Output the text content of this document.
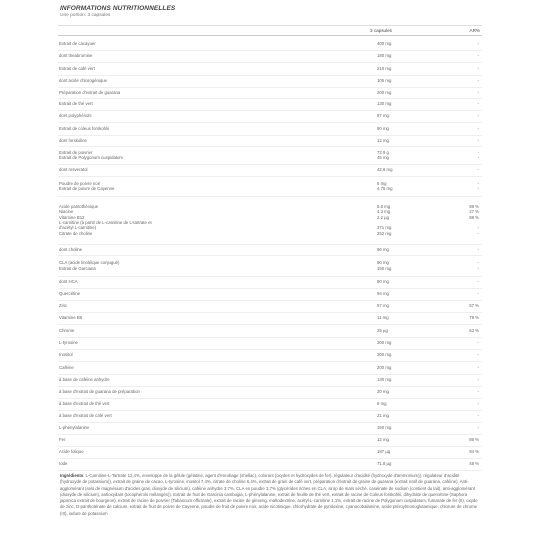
INFORMATIONS NUTRITIONNELLES
Une portion: 3 capsules
3 capsules	AR%
Extrait de cacayoer	400 mg	-
dont theabromine	180 mg	-
Extrait de café vert	210 mg	-
dont acide chlorogénique	105 mg	-
Préparation d'extrait de guarana	200 mg	-
Extrait de thé vert	130 mg	-
dont polyphénols	97 mg	-
Extrait de coleus forskohlii	90 mg	-
dont forskoline	12 mg	-
Extrait de poivrier	72.9 g	-
Extrait de Polygonum cuspidatum	45 mg	-
dont resveratol	42.8 mg	-
Poudre de poivre noir	5 mg	-
Extrait de poivre de Cayenne	4.75 mg	-
Acide pantothénique	5.5 mg	88 %
Niacine	4.3 mg	27 %
Vitamine B12	2.2 µg	88 %
L-carnitine (à partir de L-carnitine de L-tartrate et
d'acétyl L-carnitine)	371 mg	-
Citrate de choline	252 mg	-
dont choline	96 mg	-
CLA (acide linoléique conjugué)	90 mg	-
Extrait de Garciana	150 mg	-
dont HCA	90 mg	-
Quercétine	94 mg	-
Zinc	57 mg	57 %
Vitamine B6	11 mg	79 %
Chrome	25 µg	63 %
L-tyrosine	300 mg	-
Inositol	300 mg	-
Caféine	200 mg	-
à base de caféine anhydre	130 mg	-
à base d'extrait de guarana de préparation	20 mg	-
à base d'extrait de thé vert	9 mg	-
à base d'extrait de café vert	21 mg	-
L-phénylalanine	150 mg	-
Fer	12 mg	86 %
Acide folique	187 µg	94 %
Iode	71.8 µg	48 %
Ingrédients: L-Carnitine-L-Tartrate 12,4%, enveloppe de la gélule (gélatine, agent d'enrobage (shellac), colorant (oxydes et hydroxydes de fer), régulateur d'acidité (hydroxyde d'ammonium)), régulateur d'acidité (hydroxyde de potassium)), extrait de graine de cacao, L-tyrosine, inositol 7,4%, citrate de choline 6,4%, extrait de grain de café vert, préparation d'extrait de graine de guarana (extrait natif de guarana, caféine), Anti-agglomérant (sels de magnésium d'acides gras, dioxyde de silicium), caféine anhydre 3,7%, CLA en poudre 3,7% (glycérides riches en CLA, sirop de maïs séché, caséinate de sodium (contient du lait), anti-agglomérant (dioxyde de silicium), antioxydant (tocophérols mélangés)), Extrait de fruit de Garcinia cambogia, L-phénylalanine, extrait de feuille de thé vert, extrait de racine de Coleus forskohlii, dihydrate de quercétine (Saphora japonica extrait de bourgeon), extrait de racine de poivrier (Tabascum officinale), extrait de racine de ginseng, maltodextrine, acétyl-L-carnitine 1,1%, extrait de racine de Polygonum cuspidatum, fumarate de fer (II), oxyde de zinc, D-panthoténate de calcium, extrait de fruit de poivre de Cayenne, poudre de fruit de poivre noir, acide nicotinique, chlorhydrate de pyridoxine, cyanocobalamine, acide ptéroylmonoglutamique, chlorure de chrome (III), iodure de potassium
